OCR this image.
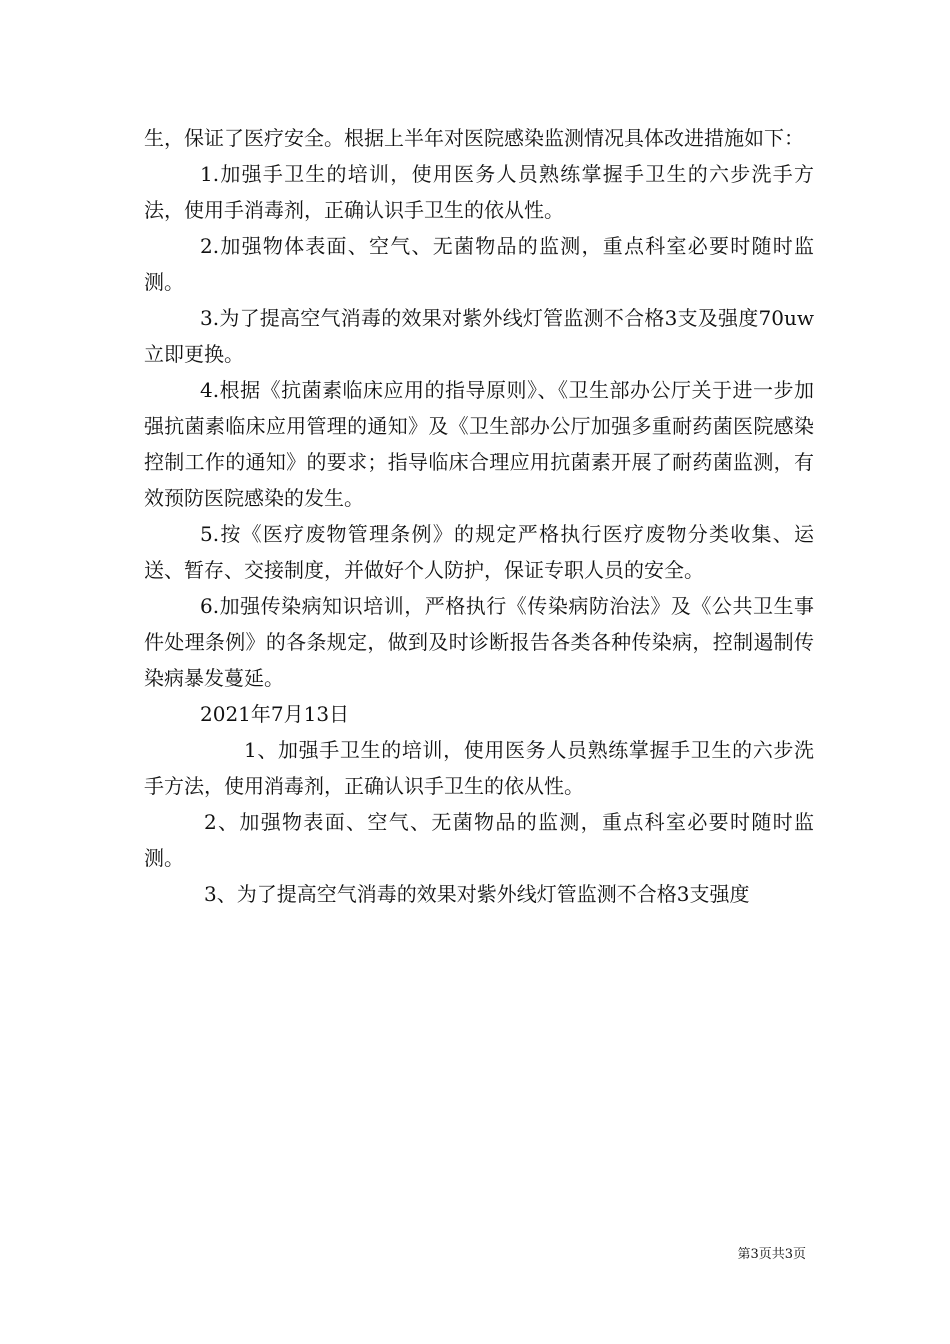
生，保证了医疗安全。根据上半年对医院感染监测情况具体改进措施如下：

1.加强手卫生的培训，使用医务人员熟练掌握手卫生的六步洗手方法，使用手消毒剂，正确认识手卫生的依从性。

2.加强物体表面、空气、无菌物品的监测，重点科室必要时随时监测。

3.为了提高空气消毒的效果对紫外线灯管监测不合格3支及强度70uw立即更换。

4.根据《抗菌素临床应用的指导原则》、《卫生部办公厅关于进一步加强抗菌素临床应用管理的通知》及《卫生部办公厅加强多重耐药菌医院感染控制工作的通知》的要求；指导临床合理应用抗菌素开展了耐药菌监测，有效预防医院感染的发生。

5.按《医疗废物管理条例》的规定严格执行医疗废物分类收集、运送、暂存、交接制度，并做好个人防护，保证专职人员的安全。

6.加强传染病知识培训，严格执行《传染病防治法》及《公共卫生事件处理条例》的各条规定，做到及时诊断报告各类各种传染病，控制遏制传染病暴发蔓延。

2021年7月13日

1、加强手卫生的培训，使用医务人员熟练掌握手卫生的六步洗手方法，使用消毒剂，正确认识手卫生的依从性。

2、加强物表面、空气、无菌物品的监测，重点科室必要时随时监测。

3、为了提高空气消毒的效果对紫外线灯管监测不合格3支强度

第3页共3页
